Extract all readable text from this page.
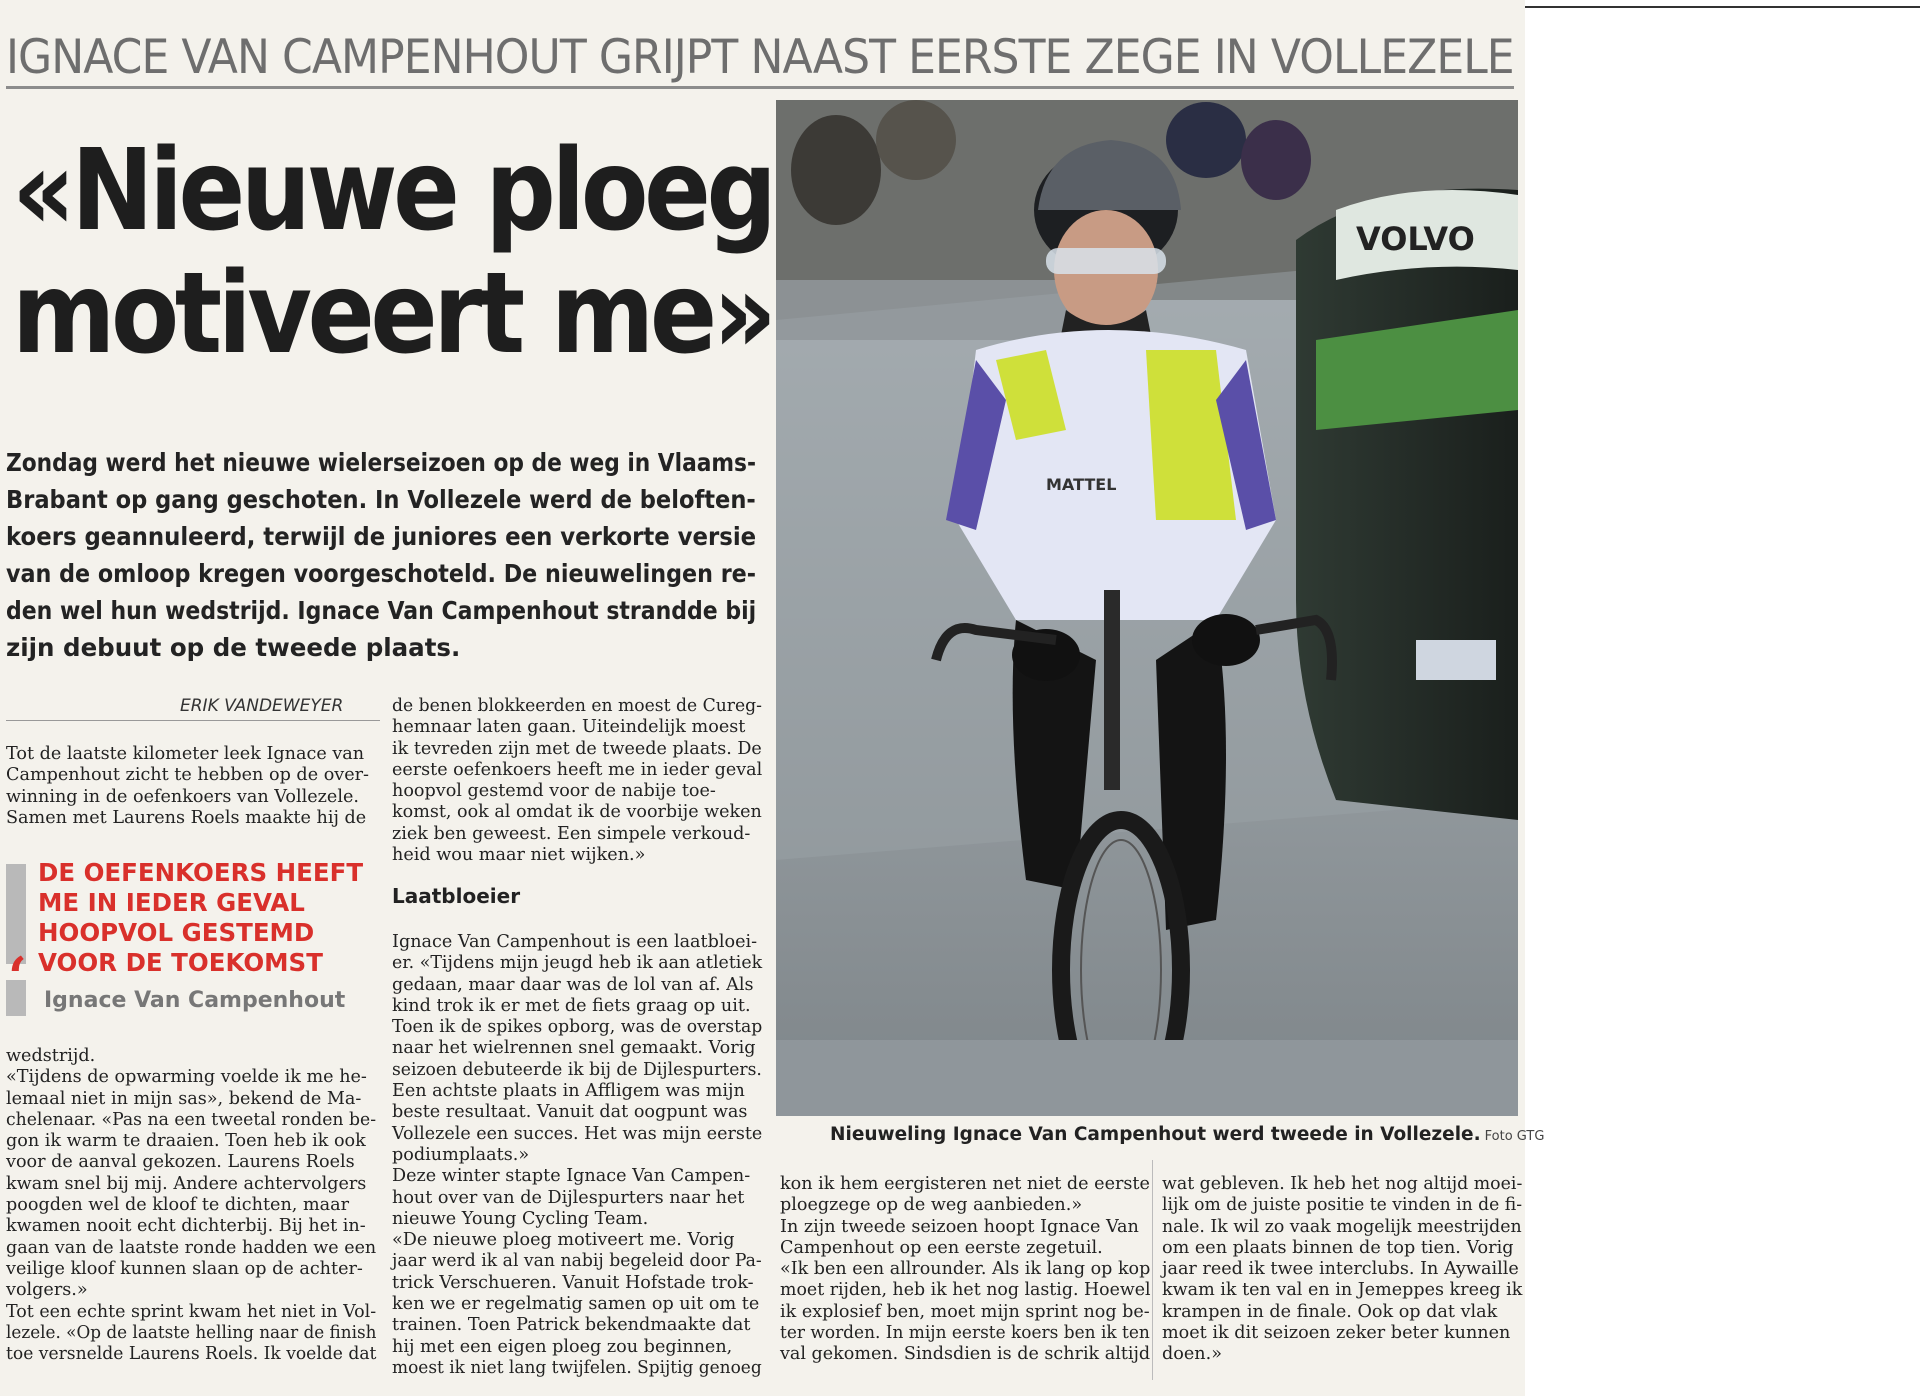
IGNACE VAN CAMPENHOUT GRIJPT NAAST EERSTE ZEGE IN VOLLEZELE
«Nieuwe ploeg
motiveert me»
Zondag werd het nieuwe wielerseizoen op de weg in Vlaams-
Brabant op gang geschoten. In Vollezele werd de beloften-
koers geannuleerd, terwijl de juniores een verkorte versie
van de omloop kregen voorgeschoteld. De nieuwelingen re-
den wel hun wedstrijd. Ignace Van Campenhout strandde bij
zijn debuut op de tweede plaats.
ERIK VANDEWEYER
Tot de laatste kilometer leek Ignace van
Campenhout zicht te hebben op de over-
winning in de oefenkoers van Vollezele.
Samen met Laurens Roels maakte hij de
‘
DE OEFENKOERS HEEFT
ME IN IEDER GEVAL
HOOPVOL GESTEMD
VOOR DE TOEKOMST
Ignace Van Campenhout
wedstrijd.
«Tijdens de opwarming voelde ik me he-
lemaal niet in mijn sas», bekend de Ma-
chelenaar. «Pas na een tweetal ronden be-
gon ik warm te draaien. Toen heb ik ook
voor de aanval gekozen. Laurens Roels
kwam snel bij mij. Andere achtervolgers
poogden wel de kloof te dichten, maar
kwamen nooit echt dichterbij. Bij het in-
gaan van de laatste ronde hadden we een
veilige kloof kunnen slaan op de achter-
volgers.»
Tot een echte sprint kwam het niet in Vol-
lezele. «Op de laatste helling naar de finish
toe versnelde Laurens Roels. Ik voelde dat
de benen blokkeerden en moest de Cureg-
hemnaar laten gaan. Uiteindelijk moest
ik tevreden zijn met de tweede plaats. De
eerste oefenkoers heeft me in ieder geval
hoopvol gestemd voor de nabije toe-
komst, ook al omdat ik de voorbije weken
ziek ben geweest. Een simpele verkoud-
heid wou maar niet wijken.»
Laatbloeier
Ignace Van Campenhout is een laatbloei-
er. «Tijdens mijn jeugd heb ik aan atletiek
gedaan, maar daar was de lol van af. Als
kind trok ik er met de fiets graag op uit.
Toen ik de spikes opborg, was de overstap
naar het wielrennen snel gemaakt. Vorig
seizoen debuteerde ik bij de Dijlespurters.
Een achtste plaats in Affligem was mijn
beste resultaat. Vanuit dat oogpunt was
Vollezele een succes. Het was mijn eerste
podiumplaats.»
Deze winter stapte Ignace Van Campen-
hout over van de Dijlespurters naar het
nieuwe Young Cycling Team.
«De nieuwe ploeg motiveert me. Vorig
jaar werd ik al van nabij begeleid door Pa-
trick Verschueren. Vanuit Hofstade trok-
ken we er regelmatig samen op uit om te
trainen. Toen Patrick bekendmaakte dat
hij met een eigen ploeg zou beginnen,
moest ik niet lang twijfelen. Spijtig genoeg
VOLVO
MATTEL
Nieuweling Ignace Van Campenhout werd tweede in Vollezele. Foto GTG
kon ik hem eergisteren net niet de eerste
ploegzege op de weg aanbieden.»
In zijn tweede seizoen hoopt Ignace Van
Campenhout op een eerste zegetuil.
«Ik ben een allrounder. Als ik lang op kop
moet rijden, heb ik het nog lastig. Hoewel
ik explosief ben, moet mijn sprint nog be-
ter worden. In mijn eerste koers ben ik ten
val gekomen. Sindsdien is de schrik altijd
wat gebleven. Ik heb het nog altijd moei-
lijk om de juiste positie te vinden in de fi-
nale. Ik wil zo vaak mogelijk meestrijden
om een plaats binnen de top tien. Vorig
jaar reed ik twee interclubs. In Aywaille
kwam ik ten val en in Jemeppes kreeg ik
krampen in de finale. Ook op dat vlak
moet ik dit seizoen zeker beter kunnen
doen.»
